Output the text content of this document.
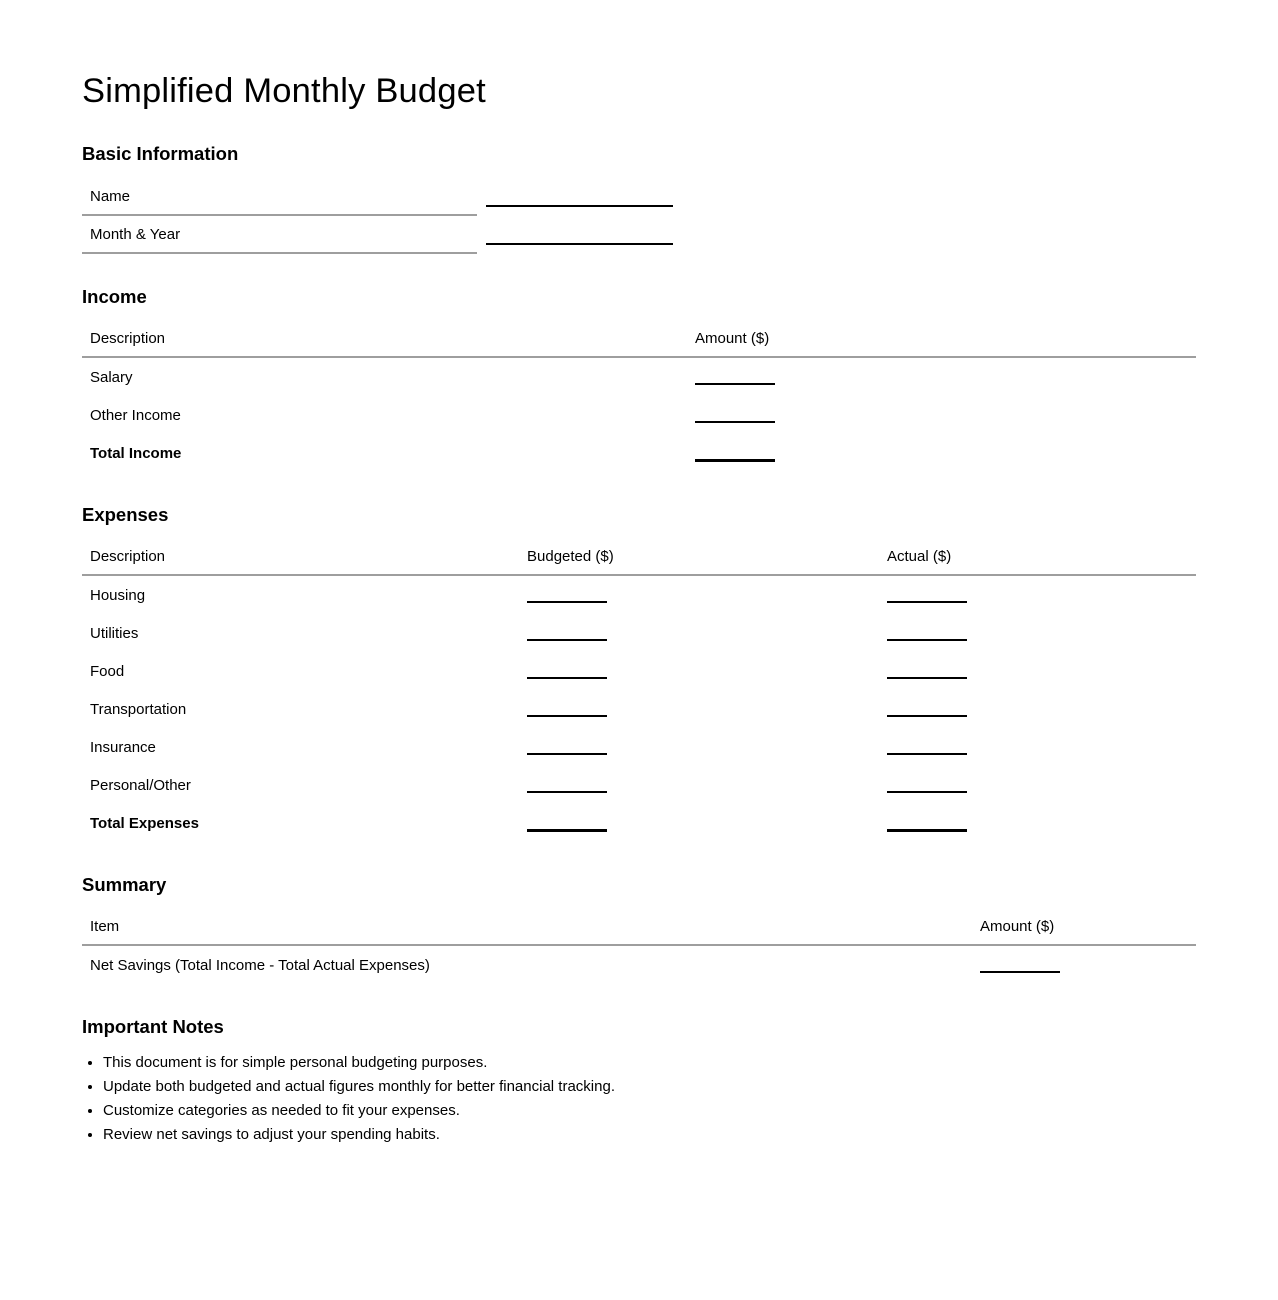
Simplified Monthly Budget
Basic Information
Name
Month & Year
Income
Description	Amount ($)
Salary
Other Income
Total Income
Expenses
Description	Budgeted ($)	Actual ($)
Housing
Utilities
Food
Transportation
Insurance
Personal/Other
Total Expenses
Summary
Item	Amount ($)
Net Savings (Total Income - Total Actual Expenses)
Important Notes
• This document is for simple personal budgeting purposes.
• Update both budgeted and actual figures monthly for better financial tracking.
• Customize categories as needed to fit your expenses.
• Review net savings to adjust your spending habits.
